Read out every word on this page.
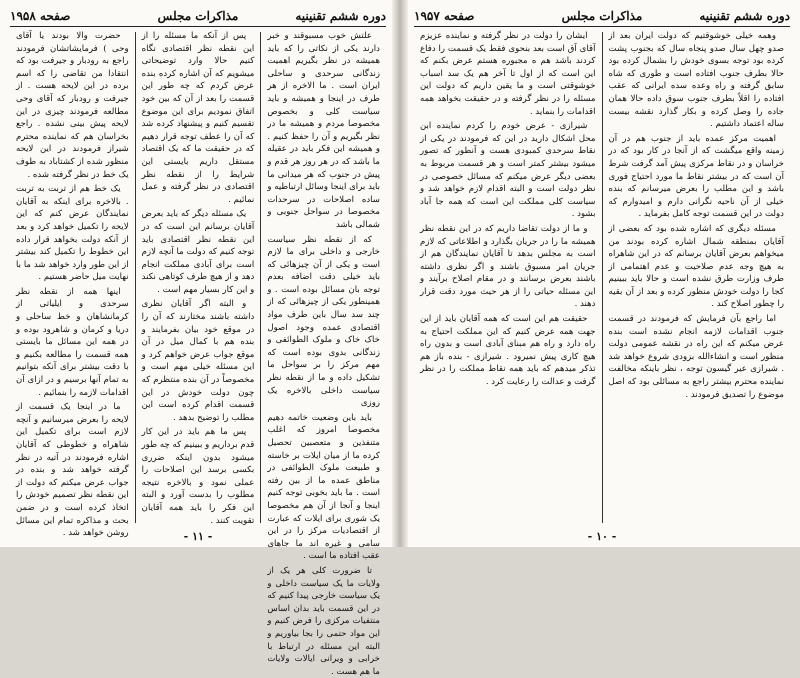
دوره ششم تقنینیه
مذاکرات مجلس
صفحه ۱۹۵۸

علتش خوب مسبوقند و خبر دارند یکی از نکاتی را که باید همیشه در نظر بگیریم اهمیت زندگانی سرحدی و ساحلی ایران است . ما الاخره از هر طرف در اینجا و همیشه و باید سیاست کلی و بخصوص مخصوصا مردم و همیشه ما در نظر بگیریم و آن را حفظ کنیم . و همیشه این فکر باید در عقیله ما باشد که در هر روز هر قدم و پیش در جنوب که هر میدانی ما باید برای اینجا وسائل ارتباطیه و ساده اصلاحات در سرحدات مخصوصا در سواحل جنوبی و شمالی باشد

که از نقطه نظر سیاست خارجی و داخلی برای ما لازم است و یکی از آن چیزهائی که باید خیلی دقت اضافه بعدم توجه بان مسائل بوده است . و همینطور یکی از چیزهائی که از چند سد سال باین طرف مواد اقتصادی عمده وجود اصول خاک خاک و ملوک الطوائفی و زندگانی بدوی بوده است که مهم مرکز را بر سواحل ما تشکیل داده و ما از نقطه نظر سیاست داخلی بالاخره یک روزی

باید باین وضعیت خاتمه دهیم مخصوصا امروز که اغلب متنفذین و متعصبین تحصیل کرده ما از میان ایلات بر خاسته و طبیعت ملوک الطوائفی در مناطق عمده ما از بین رفته است . ما باید بخوبی توجه کنیم اینجا و آنجا از آن هم مخصوصا یک شوری برای ایلات که عبارت از اقتصادیات مرکز را در این سامی و غیره اند ما جاهای عقب افتاده ما است .

تا ضرورت کلی هر یک از ولایات ما یک سیاست داخلی و یک سیاست خارجی پیدا کنیم که در این قسمت باید بدان اساس منتفیات مرکزی را فرض کنیم و این مواد حتمی را بجا بیاوریم و البته این مسئله در ارتباط با خرابی و ویرانی ایالات ولایات ما هم هست .

پس از آنکه ما مسئله را از این نقطه نظر اقتصادی نگاه کنیم حالا وارد توضیحاتی میشویم که آن اشاره کرده بنده عرض کردم که چه طور این قسمت را بعد از آن که بین خود اتفاق نمودیم برای این موضوع تقسیم کنیم و پیشنهاد کرده شد که آن را عطف توجه قرار دهیم که در حقیقت ما که یک اقتصاد مستقل داریم بایستی این شرایط را از نقطه نظر اقتصادی در نظر گرفته و عمل نمائیم .

یک مسئله دیگر که باید بعرض آقایان برسانم این است که در این نقطه نظر اقتصادی باید توجه کنیم که دولت ما آنچه لازم است برای آبادی مملکت انجام دهد و از هیچ طرف کوتاهی نکند و این کار بسیار مهم است .

و البته اگر آقایان نظری داشته باشند مختارند که آن را در موقع خود بیان بفرمایند و بنده هم با کمال میل در آن موقع جواب عرض خواهم کرد و این مسئله خیلی مهم است و مخصوصاً در آن بنده منتظرم که چون دولت خودش در این قسمت اقدام کرده است این مطلب را توضیح بدهد .

پس ما هم باید در این کار قدم برداریم و ببینیم که چه طور میشود بدون اینکه ضرری بکسی برسد این اصلاحات را عملی نمود و بالاخره نتیجه مطلوب را بدست آورد و البته این فکر را باید همه آقایان تقویت کنند .

حضرت والا بودند یا آقای وحی ) فرمایشاتشان فرمودند راجع به رودبار و جیرفت بود که انتقادا من تقاضی را که اسم برده در این لایحه هست . از جیرفت و رودبار که آقای وحی مطالعه فرمودند چیزی در این لایحه پیش بینی نشده . راجع بخراسان هم که نماینده محترم شیراز فرمودند در این لایحه منظور شده از کشتاباد به طوف یک خط در نظر گرفته شده .

یک خط هم از تربت به تربت . بالاخره برای اینکه به آقایان نمایندگان عرض کنم که این لایحه را تکمیل خواهد کرد و بعد از آنکه دولت بخواهد قرار داده این خطوط را تکمیل کند بیشتر از این طور وارد خواهد شد ما با نهایت میل حاضر هستیم .

اینها همه از نقطه نظر سرحدی و ایلیاتی از کرمانشاهان و خط ساحلی و دریا و کرمان و شاهرود بوده و در همه این مسائل ما بایستی همه قسمت را مطالعه بکنیم و با دقت بیشتر برای آنکه بتوانیم به تمام آنها برسیم و در ازای آن اقدامات لازمه را بنمائیم .

ما در اینجا یک قسمت از لایحه را بعرض میرسانیم و آنچه لازم است برای تکمیل این شاهراه و خطوطی که آقایان اشاره فرمودند در آتیه در نظر گرفته خواهد شد و بنده در جواب عرض میکنم که دولت از این نقطه نظر تصمیم خودش را اتخاذ کرده است و در ضمن بحث و مذاکره تمام این مسائل روشن خواهد شد .	- ۱۱ -
دوره ششم تقنینیه
مذاکرات مجلس
صفحه ۱۹۵۷

وهمه خیلی خوشوقتیم که دولت ایران بعد از صدو چهل سال صدو پنجاه سال که بجنوب پشت کرده بود توجه بسوی خودش را بشمال کرده بود حالا بطرف جنوب افتاده است و طوری که شاه سابق گرفته و راه وعده سده ایرانی که عقب افتاده را اقلاً بطرف جنوب سوق داده حالا همان جاده را وصل کرده و بکار گذارد نقشه بیست ساله اعتماد داشتیم .

اهمیت مرکز عمده باید از جنوب هم در آن زمینه واقع میگشت که از آنجا در کار بود که در خراسان و در نقاط مرکزی پیش آمد گرفت شرط آن است که در بیشتر نقاط ما مورد احتیاج فوری باشد و این مطلب را بعرض میرسانم که بنده خیلی از آن ناحیه نگرانی دارم و امیدوارم که دولت در این قسمت توجه کامل بفرماید .

مسئله دیگری که اشاره شده بود که بعضی از آقایان بمنطقه شمال اشاره کرده بودند من میخواهم بعرض آقایان برسانم که در این شاهراه به هیچ وجه عدم صلاحیت و عدم اهتمامی از طرف وزارت طرق نشده است و حالا باید ببینیم کجا را دولت خودش منظور کرده و بعد از آن بقیه را چطور اصلاح کند .

اما راجع بآن فرمایش که فرمودند در قسمت جنوب اقدامات لازمه انجام نشده است بنده عرض میکنم که این راه در نقشه عمومی دولت منظور است و انشاءالله بزودی شروع خواهد شد . شیرازی عیر گیسون توجه ، نظر باینکه مخالفت نماینده محترم بیشتر راجع به مسائلی بود که اصل موضوع را تصدیق فرمودند .

ایشان را دولت در نظر گرفته و نماینده عزیزم آقای آق است بعد بنحوی فقط یک قسمت را دفاع کردند باشد هم ه مجبوره هستم عرض بکنم که این است که از اول تا آخر هم یک سد اسباب خوشوقتی است و ما یقین داریم که دولت این مسئله را در نظر گرفته و در حقیقت بخواهد همه اقدامات را بنماید .

شیرازی - عرض خودم را کردم نماینده ابن محل اشکال دارید در این که فرمودند در یکی از نقاط سرحدی کمبودی هست و آنطور که تصور میشود بیشتر کمتر است و هر قسمت مربوط به بعضی دیگر عرض میکنم که مسائل خصوصی در نظر دولت است و البته اقدام لازم خواهد شد و سیاست کلی مملکت این است که همه جا آباد بشود .

و ما از دولت تقاضا داریم که در این نقطه نظر همیشه ما را در جریان بگذارد و اطلاعاتی که لازم است به مجلس بدهد تا آقایان نمایندگان هم از جریان امر مسبوق باشند و اگر نظری داشته باشند بعرض برسانند و در مقام اصلاح برآیند و این مسئله حیاتی را از هر حیث مورد دقت قرار دهند .

حقیقت هم این است که همه آقایان باید از این جهت همه عرض کنیم که این مملکت احتیاج به راه دارد و راه هم مبنای آبادی است و بدون راه هیچ کاری پیش نمیرود . شیرازی - بنده باز هم تذکر میدهم که باید همه نقاط مملکت را در نظر گرفت و عدالت را رعایت کرد .

- ۱۰ -
